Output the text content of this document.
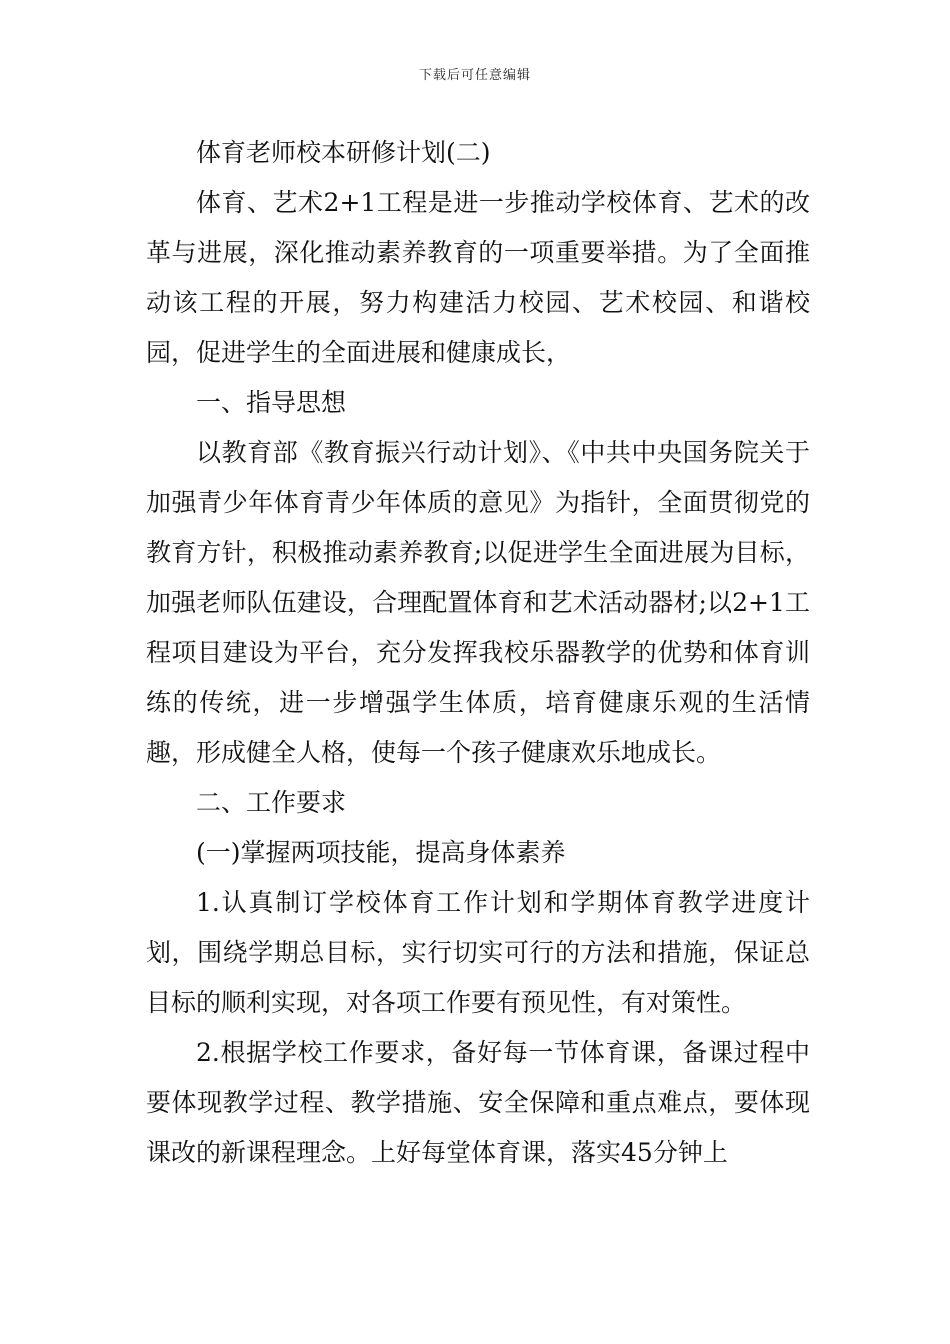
下载后可任意编辑

体育老师校本研修计划(二)

体育、艺术2+1工程是进一步推动学校体育、艺术的改革与进展，深化推动素养教育的一项重要举措。为了全面推动该工程的开展，努力构建活力校园、艺术校园、和谐校园，促进学生的全面进展和健康成长，

一、指导思想

以教育部《教育振兴行动计划》、《中共中央国务院关于加强青少年体育青少年体质的意见》为指针，全面贯彻党的教育方针，积极推动素养教育;以促进学生全面进展为目标，加强老师队伍建设，合理配置体育和艺术活动器材;以2+1工程项目建设为平台，充分发挥我校乐器教学的优势和体育训练的传统，进一步增强学生体质，培育健康乐观的生活情趣，形成健全人格，使每一个孩子健康欢乐地成长。

二、工作要求

(一)掌握两项技能，提高身体素养

1.认真制订学校体育工作计划和学期体育教学进度计划，围绕学期总目标，实行切实可行的方法和措施，保证总目标的顺利实现，对各项工作要有预见性，有对策性。

2.根据学校工作要求，备好每一节体育课，备课过程中要体现教学过程、教学措施、安全保障和重点难点，要体现课改的新课程理念。上好每堂体育课，落实45分钟上
